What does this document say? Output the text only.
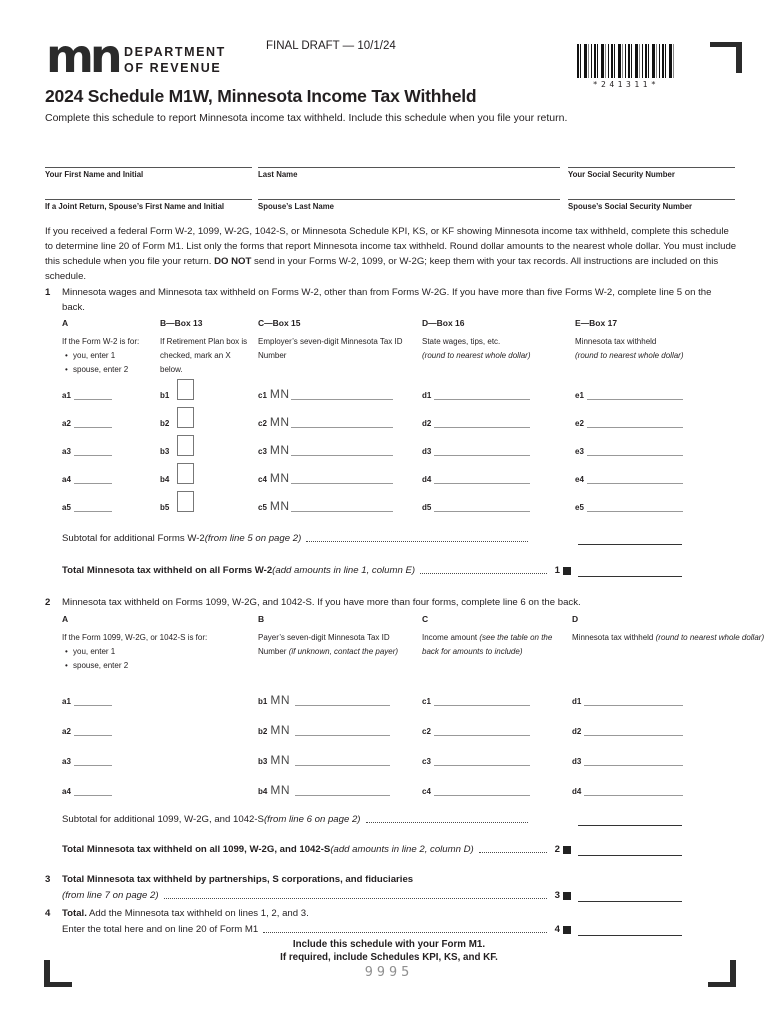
mn DEPARTMENT
OF REVENUE
FINAL DRAFT — 10/1/24
*241311*
2024 Schedule M1W, Minnesota Income Tax Withheld
Complete this schedule to report Minnesota income tax withheld. Include this schedule when you file your return.
Your First Name and Initial	Last Name	Your Social Security Number
If a Joint Return, Spouse’s First Name and Initial	Spouse’s Last Name	Spouse’s Social Security Number

If you received a federal Form W-2, 1099, W-2G, 1042-S, or Minnesota Schedule KPI, KS, or KF showing Minnesota income tax withheld, complete this schedule to determine line 20 of Form M1. List only the forms that report Minnesota income tax withheld. Round dollar amounts to the nearest whole dollar. You must include this schedule when you file your return. DO NOT send in your Forms W-2, 1099, or W-2G; keep them with your tax records. All instructions are included on this schedule.

1	Minnesota wages and Minnesota tax withheld on Forms W-2, other than from Forms W-2G. If you have more than five Forms W-2, complete line 5 on the back.
A
If the Form W-2 is for:
• you, enter 1
• spouse, enter 2
B—Box 13
If Retirement Plan box is checked, mark an X below.
C—Box 15
Employer’s seven-digit Minnesota Tax ID Number
D—Box 16
State wages, tips, etc.
(round to nearest whole dollar)
E—Box 17
Minnesota tax withheld
(round to nearest whole dollar)
a1	b1	c1 MN	d1	e1
a2	b2	c2 MN	d2	e2
a3	b3	c3 MN	d3	e3
a4	b4	c4 MN	d4	e4
a5	b5	c5 MN	d5	e5
Subtotal for additional Forms W-2 (from line 5 on page 2)
Total Minnesota tax withheld on all Forms W-2 (add amounts in line 1, column E)	1
2	Minnesota tax withheld on Forms 1099, W-2G, and 1042-S. If you have more than four forms, complete line 6 on the back.
A
If the Form 1099, W-2G, or 1042-S is for:
• you, enter 1
• spouse, enter 2
B
Payer’s seven-digit Minnesota Tax ID Number (if unknown, contact the payer)
C
Income amount (see the table on the back for amounts to include)
D
Minnesota tax withheld (round to nearest whole dollar)
a1	b1 MN	c1	d1
a2	b2 MN	c2	d2
a3	b3 MN	c3	d3
a4	b4 MN	c4	d4
Subtotal for additional 1099, W-2G, and 1042-S (from line 6 on page 2)
Total Minnesota tax withheld on all 1099, W-2G, and 1042-S (add amounts in line 2, column D)	2
3	Total Minnesota tax withheld by partnerships, S corporations, and fiduciaries
(from line 7 on page 2)	3
4	Total. Add the Minnesota tax withheld on lines 1, 2, and 3.
Enter the total here and on line 20 of Form M1	4
Include this schedule with your Form M1.
If required, include Schedules KPI, KS, and KF.
9995
